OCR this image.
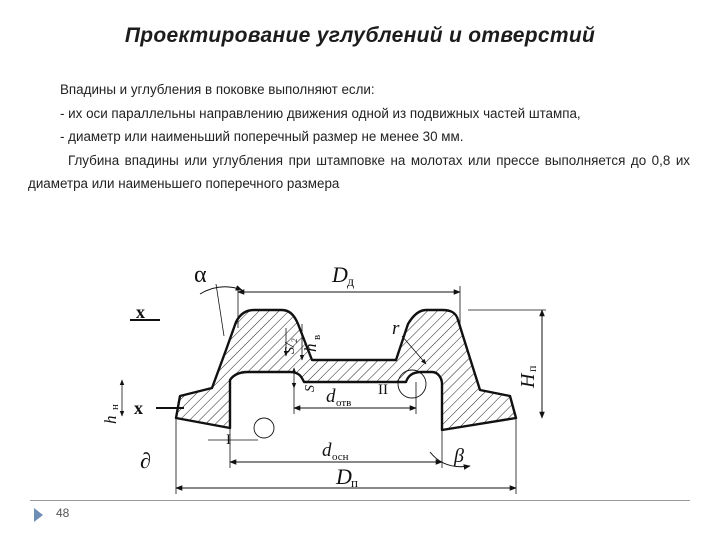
Проектирование углублений и отверстий

Впадины и углубления в поковке выполняют если:

- их оси параллельны направлению движения одной из подвижных частей штампа,

- диаметр или наименьший поперечный размер не менее 30 мм.

Глубина впадины или углубления при штамповке на молотах или прессе выполняется до 0,8 их диаметра или наименьшего поперечного размера

α	D д
x
x
S/₂ h
в	r
h
н
S d отв
II
H
п
I
∂	d осн	β
D п
48
